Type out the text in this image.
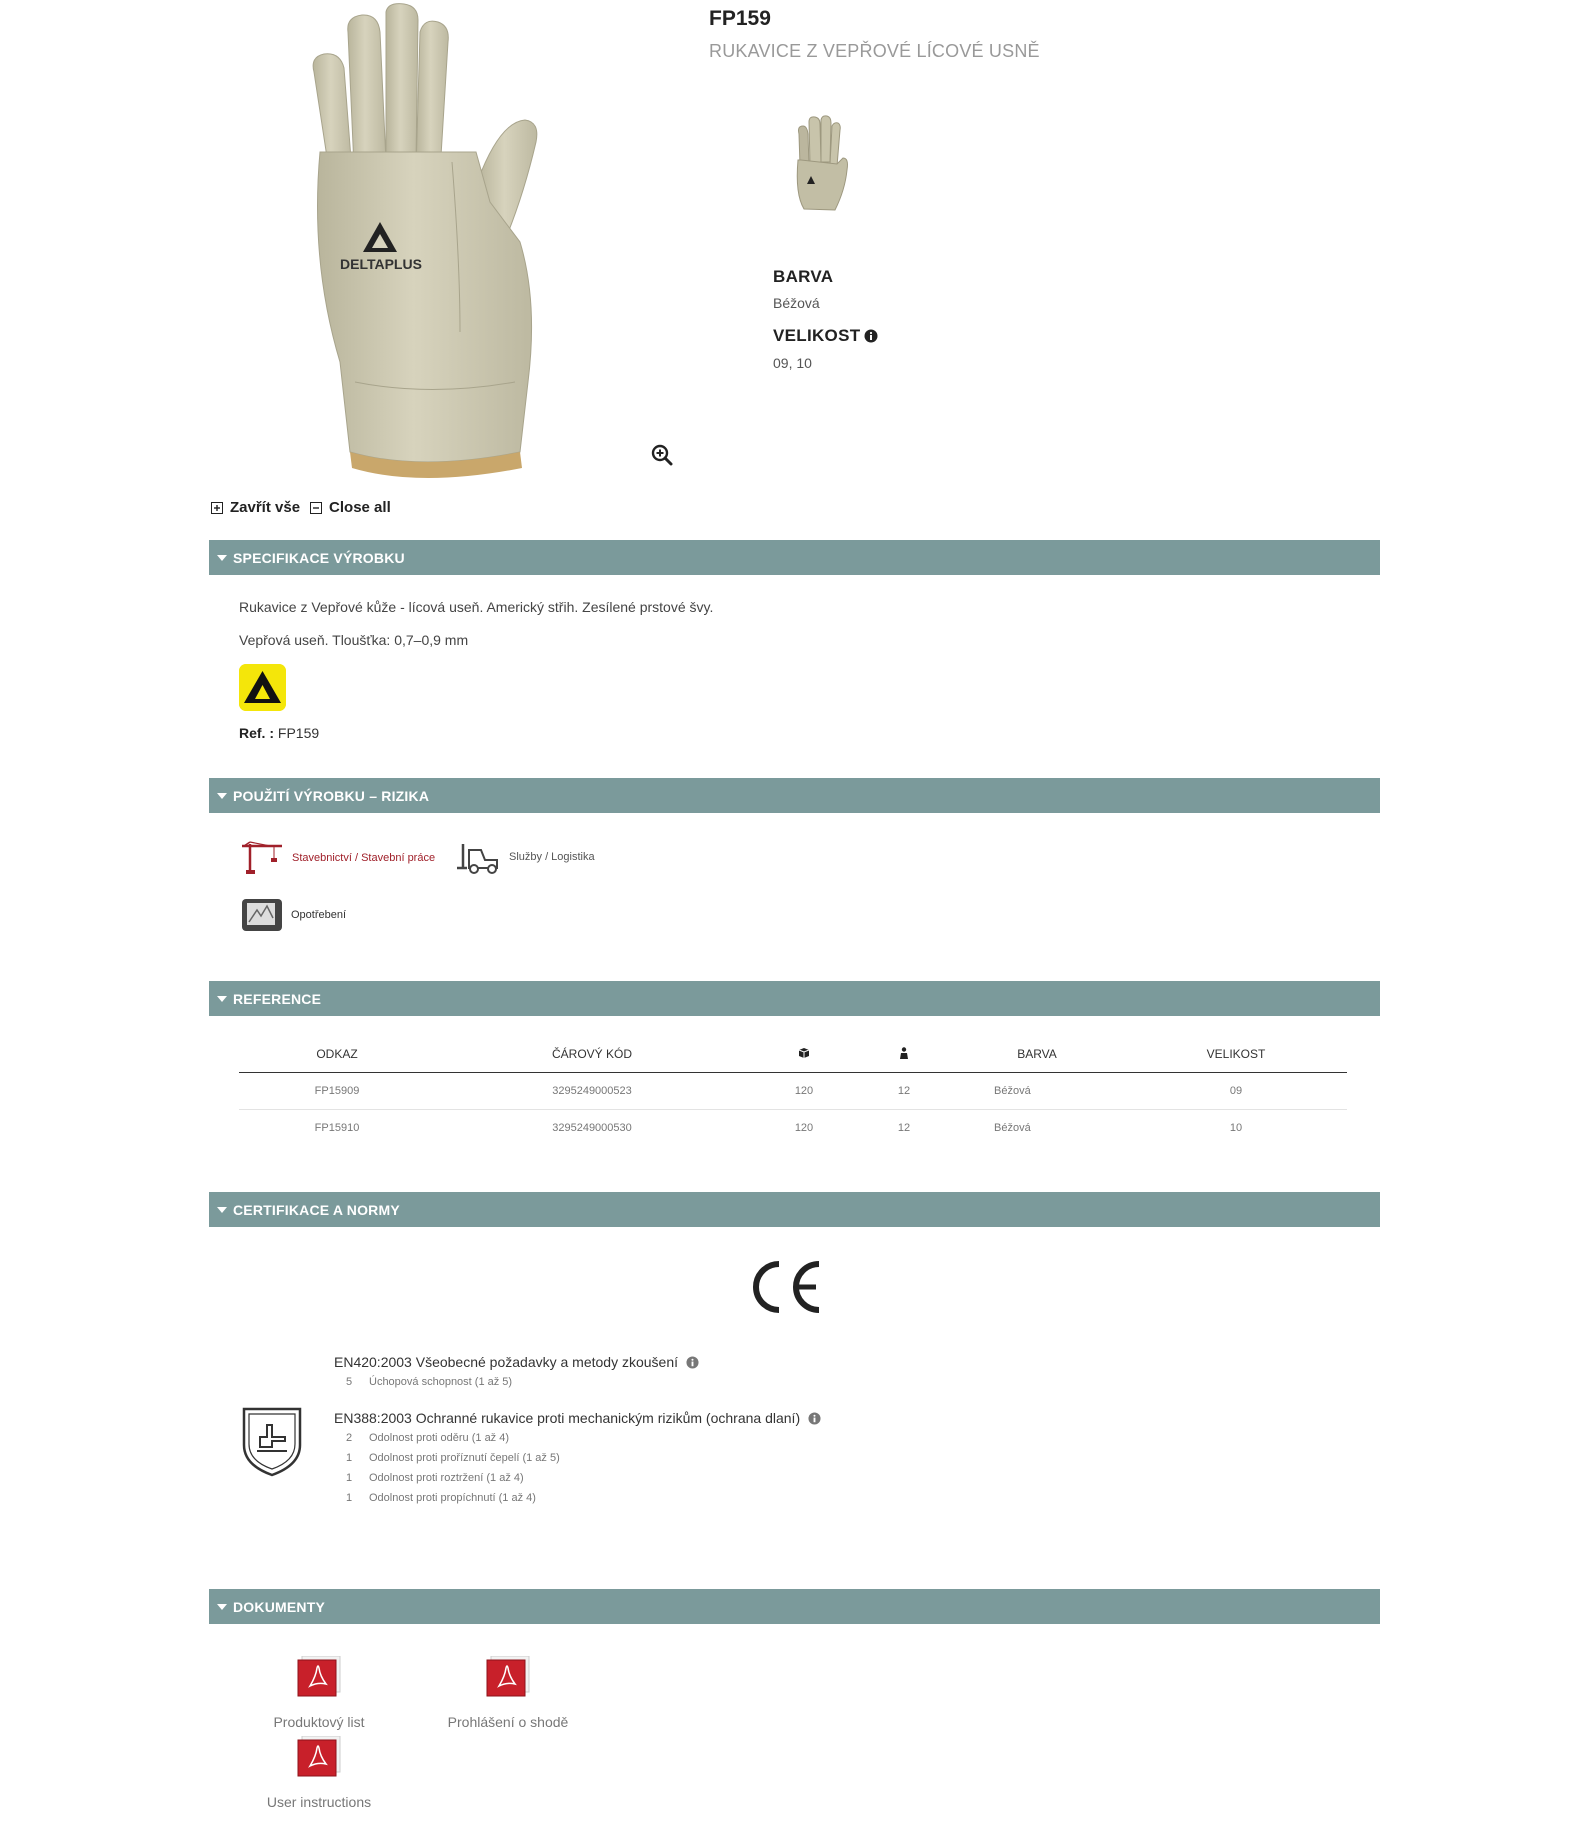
DELTAPLUS
FP159
RUKAVICE Z VEPŘOVÉ LÍCOVÉ USNĚ
BARVA
Béžová
VELIKOST
09, 10
Zavřít vše Close all
SPECIFIKACE VÝROBKU
Rukavice z Vepřové kůže - lícová useň. Americký střih. Zesílené prstové švy.
Vepřová useň. Tloušťka: 0,7–0,9 mm
Ref. : FP159
POUŽITÍ VÝROBKU – RIZIKA
Stavebnictví / Stavební práce	Služby / Logistika
Opotřebení
REFERENCE
ODKAZ	ČÁROVÝ KÓD			BARVA	VELIKOST
FP15909	3295249000523	120	12	Béžová	09
FP15910	3295249000530	120	12	Béžová	10
CERTIFIKACE A NORMY
EN420:2003 Všeobecné požadavky a metody zkoušení
5	Úchopová schopnost (1 až 5)
EN388:2003 Ochranné rukavice proti mechanickým rizikům (ochrana dlaní)
2	Odolnost proti oděru (1 až 4)
1	Odolnost proti proříznutí čepelí (1 až 5)
1	Odolnost proti roztržení (1 až 4)
1	Odolnost proti propíchnutí (1 až 4)
DOKUMENTY
Produktový list	Prohlášení o shodě
User instructions
